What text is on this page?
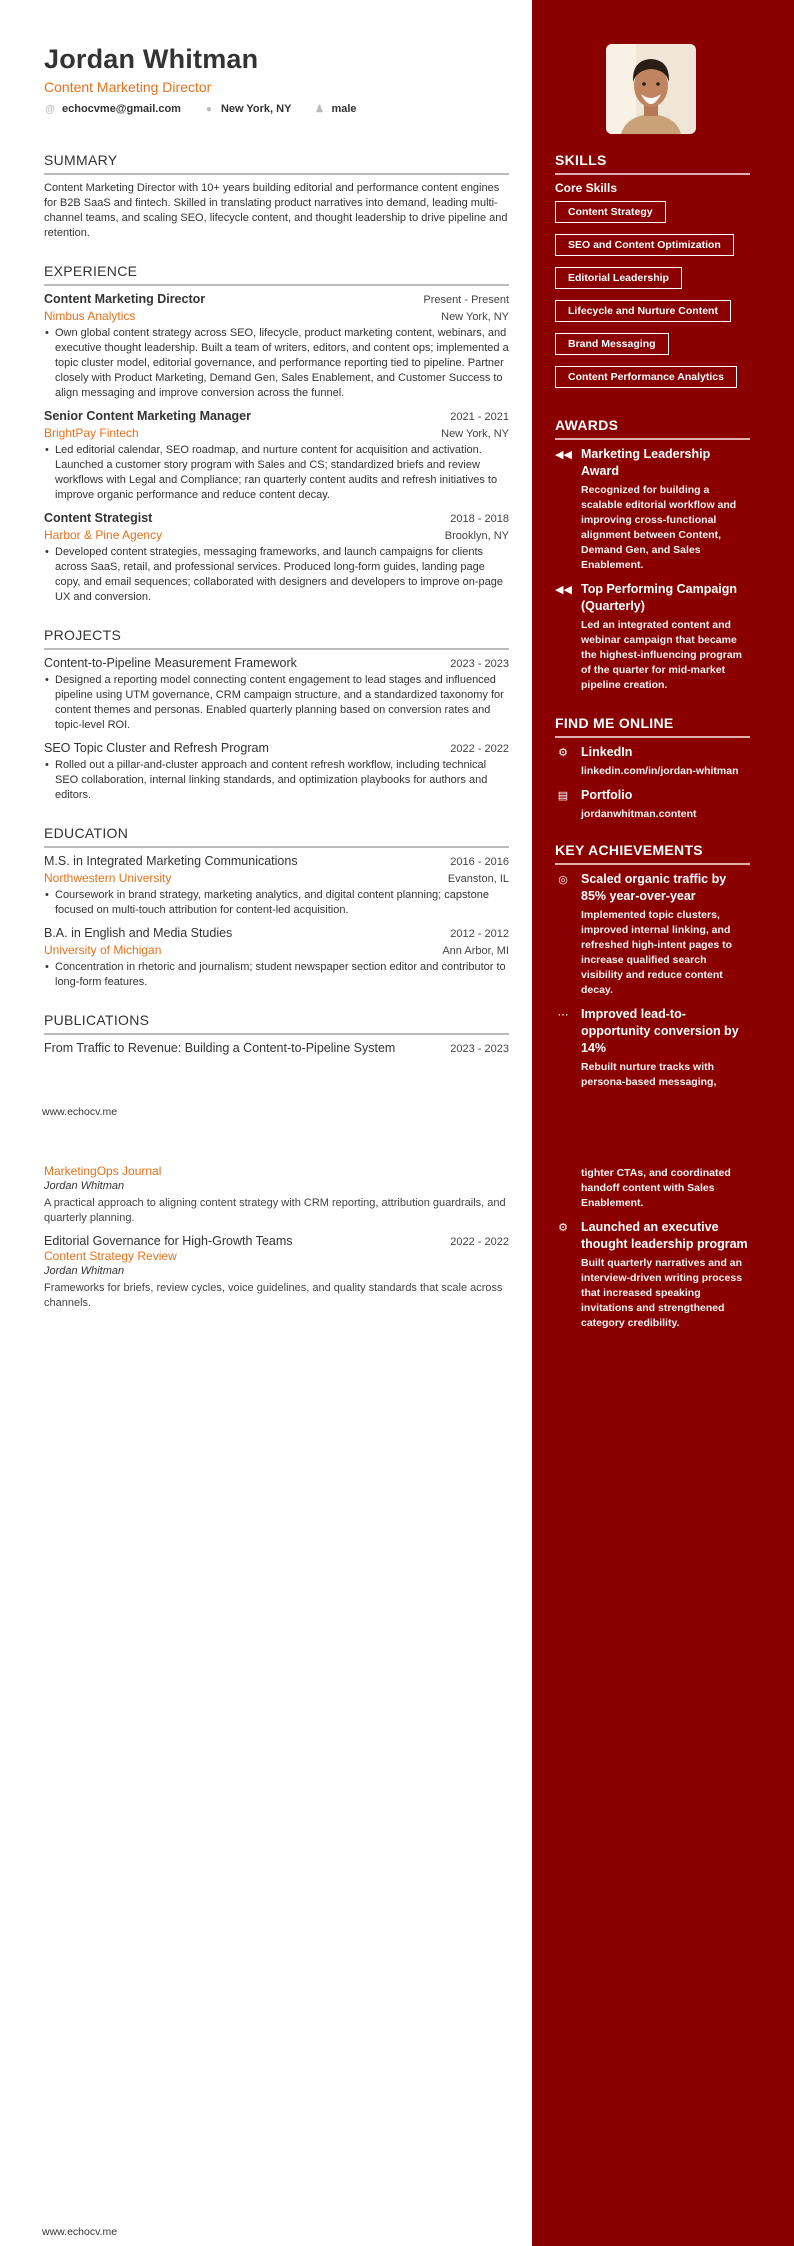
Jordan Whitman
Content Marketing Director
@ echocvme@gmail.com ● New York, NY ♟ male
SUMMARY
Content Marketing Director with 10+ years building editorial and performance content engines for B2B SaaS and fintech. Skilled in translating product narratives into demand, leading multi-channel teams, and scaling SEO, lifecycle content, and thought leadership to drive pipeline and retention.
EXPERIENCE
Content Marketing Director	Present - Present
Nimbus Analytics	New York, NY
• Own global content strategy across SEO, lifecycle, product marketing content, webinars, and executive thought leadership. Built a team of writers, editors, and content ops; implemented a topic cluster model, editorial governance, and performance reporting tied to pipeline. Partner closely with Product Marketing, Demand Gen, Sales Enablement, and Customer Success to align messaging and improve conversion across the funnel.
Senior Content Marketing Manager	2021 - 2021
BrightPay Fintech	New York, NY
• Led editorial calendar, SEO roadmap, and nurture content for acquisition and activation. Launched a customer story program with Sales and CS; standardized briefs and review workflows with Legal and Compliance; ran quarterly content audits and refresh initiatives to improve organic performance and reduce content decay.
Content Strategist	2018 - 2018
Harbor & Pine Agency	Brooklyn, NY
• Developed content strategies, messaging frameworks, and launch campaigns for clients across SaaS, retail, and professional services. Produced long-form guides, landing page copy, and email sequences; collaborated with designers and developers to improve on-page UX and conversion.
PROJECTS
Content-to-Pipeline Measurement Framework	2023 - 2023
• Designed a reporting model connecting content engagement to lead stages and influenced pipeline using UTM governance, CRM campaign structure, and a standardized taxonomy for content themes and personas. Enabled quarterly planning based on conversion rates and topic-level ROI.
SEO Topic Cluster and Refresh Program	2022 - 2022
• Rolled out a pillar-and-cluster approach and content refresh workflow, including technical SEO collaboration, internal linking standards, and optimization playbooks for authors and editors.
EDUCATION
M.S. in Integrated Marketing Communications	2016 - 2016
Northwestern University	Evanston, IL
• Coursework in brand strategy, marketing analytics, and digital content planning; capstone focused on multi-touch attribution for content-led acquisition.
B.A. in English and Media Studies	2012 - 2012
University of Michigan	Ann Arbor, MI
• Concentration in rhetoric and journalism; student newspaper section editor and contributor to long-form features.
PUBLICATIONS
From Traffic to Revenue: Building a Content-to-Pipeline System	2023 - 2023
www.echocv.me
MarketingOps Journal
Jordan Whitman
A practical approach to aligning content strategy with CRM reporting, attribution guardrails, and quarterly planning.
Editorial Governance for High-Growth Teams	2022 - 2022
Content Strategy Review
Jordan Whitman
Frameworks for briefs, review cycles, voice guidelines, and quality standards that scale across channels.
www.echocv.me
SKILLS
Core Skills
Content Strategy
SEO and Content Optimization
Editorial Leadership
Lifecycle and Nurture Content
Brand Messaging
Content Performance Analytics
AWARDS
◀◀ Marketing Leadership Award
Recognized for building a scalable editorial workflow and improving cross-functional alignment between Content, Demand Gen, and Sales Enablement.
◀◀ Top Performing Campaign (Quarterly)
Led an integrated content and webinar campaign that became the highest-influencing program of the quarter for mid-market pipeline creation.
FIND ME ONLINE
⚙ LinkedIn
linkedin.com/in/jordan-whitman
▤ Portfolio
jordanwhitman.content
KEY ACHIEVEMENTS
◎ Scaled organic traffic by 85% year-over-year
Implemented topic clusters, improved internal linking, and refreshed high-intent pages to increase qualified search visibility and reduce content decay.
⋯ Improved lead-to-opportunity conversion by 14%
Rebuilt nurture tracks with persona-based messaging,
tighter CTAs, and coordinated handoff content with Sales Enablement.
⚙ Launched an executive thought leadership program
Built quarterly narratives and an interview-driven writing process that increased speaking invitations and strengthened category credibility.
